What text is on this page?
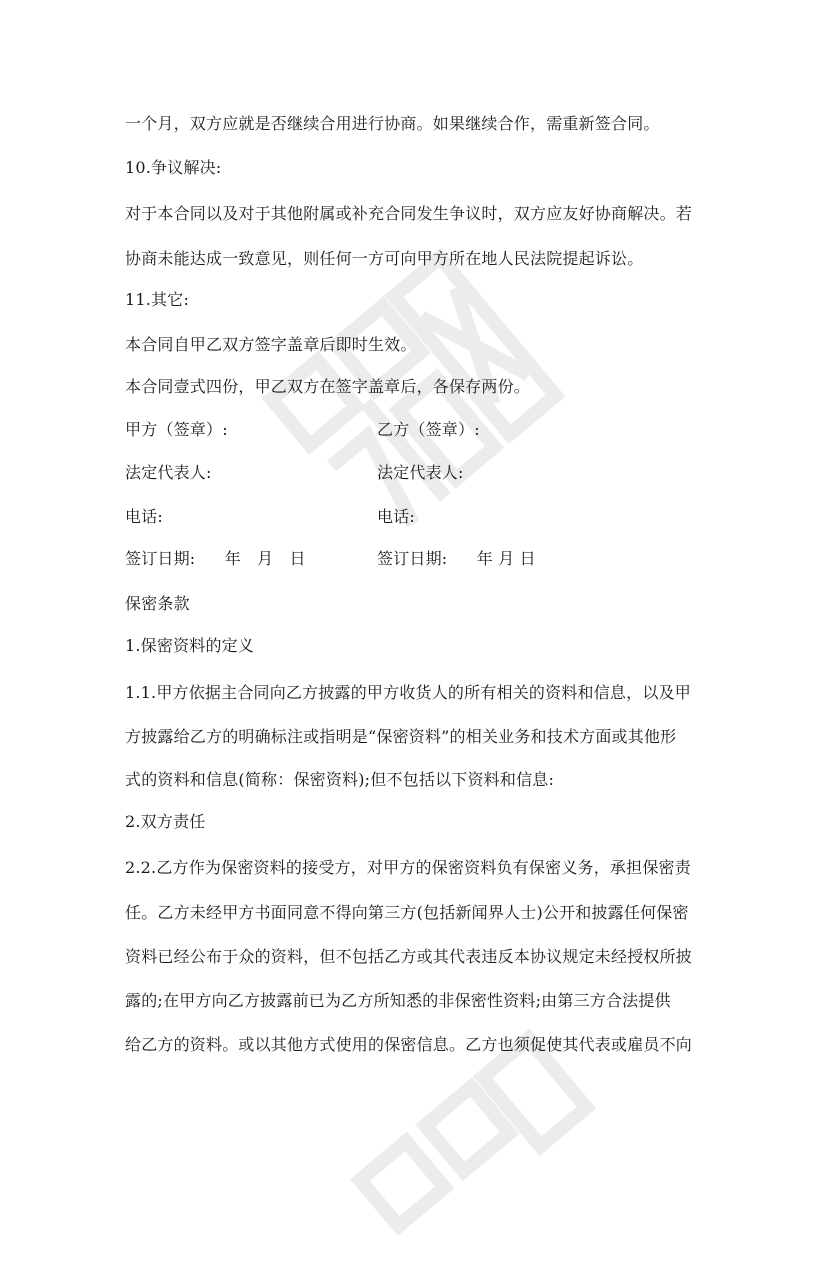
一个月，双方应就是否继续合用进行协商。如果继续合作，需重新签合同。
10.争议解决:
对于本合同以及对于其他附属或补充合同发生争议时，双方应友好协商解决。若
协商未能达成一致意见，则任何一方可向甲方所在地人民法院提起诉讼。
11.其它:
本合同自甲乙双方签字盖章后即时生效。
本合同壹式四份，甲乙双方在签字盖章后，各保存两份。
甲方（签章）:	乙方（签章）:
法定代表人:	法定代表人:
电话:	电话:
签订日期: 年　月　日	签订日期: 年 月 日
保密条款
1.保密资料的定义
1.1.甲方依据主合同向乙方披露的甲方收货人的所有相关的资料和信息，以及甲
方披露给乙方的明确标注或指明是“保密资料”的相关业务和技术方面或其他形
式的资料和信息(简称：保密资料);但不包括以下资料和信息:
2.双方责任
2.2.乙方作为保密资料的接受方，对甲方的保密资料负有保密义务，承担保密责
任。乙方未经甲方书面同意不得向第三方(包括新闻界人士)公开和披露任何保密
资料已经公布于众的资料，但不包括乙方或其代表违反本协议规定未经授权所披
露的;在甲方向乙方披露前已为乙方所知悉的非保密性资料;由第三方合法提供
给乙方的资料。或以其他方式使用的保密信息。乙方也须促使其代表或雇员不向
